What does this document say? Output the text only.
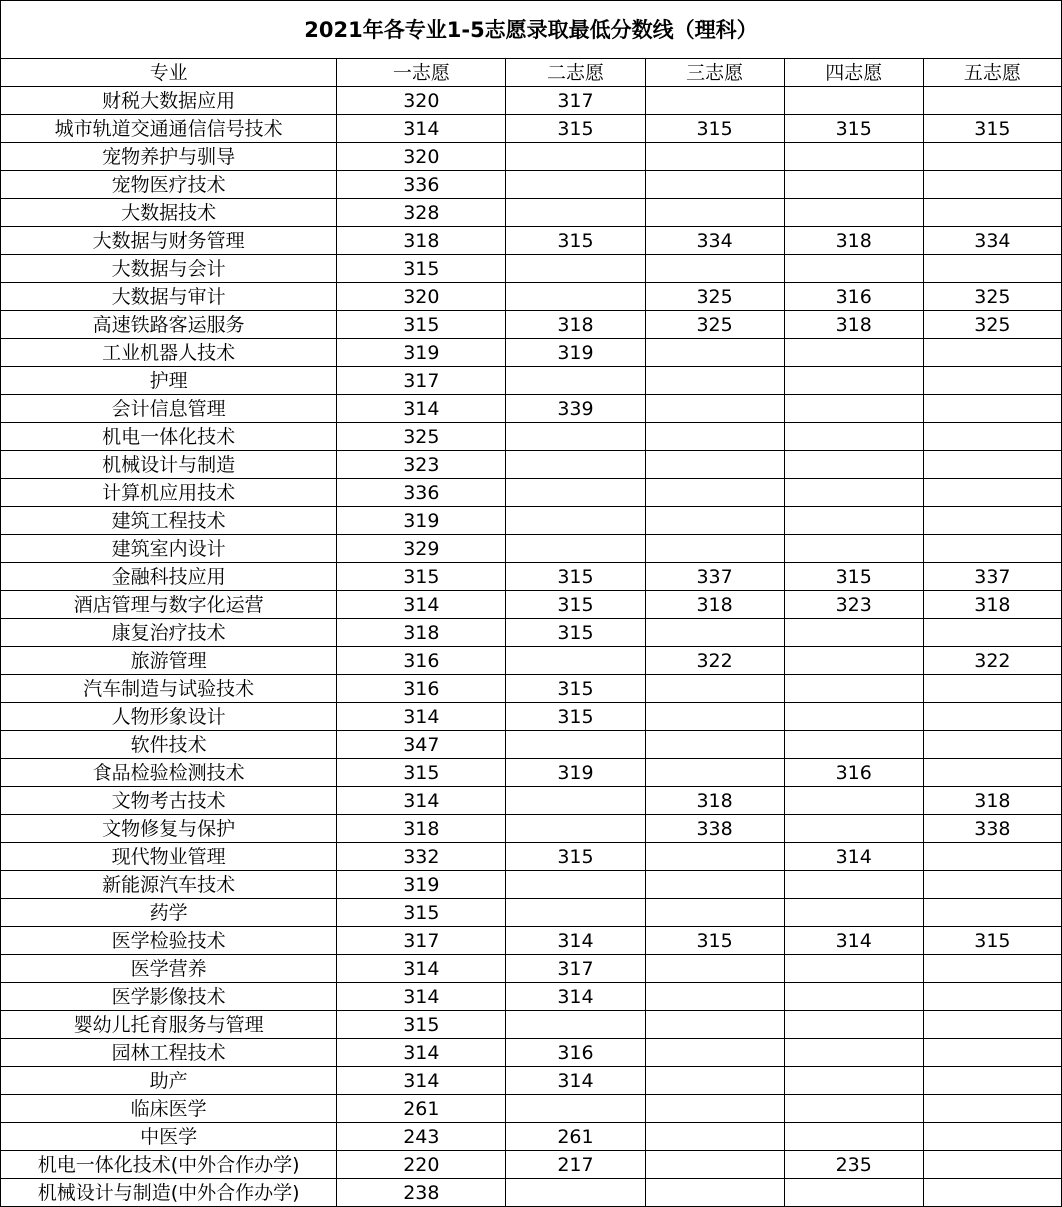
2021年各专业1-5志愿录取最低分数线（理科）					
专业	一志愿	二志愿	三志愿	四志愿	五志愿
财税大数据应用	320	317			
城市轨道交通通信信号技术	314	315	315	315	315
宠物养护与驯导	320				
宠物医疗技术	336				
大数据技术	328				
大数据与财务管理	318	315	334	318	334
大数据与会计	315				
大数据与审计	320		325	316	325
高速铁路客运服务	315	318	325	318	325
工业机器人技术	319	319			
护理	317				
会计信息管理	314	339			
机电一体化技术	325				
机械设计与制造	323				
计算机应用技术	336				
建筑工程技术	319				
建筑室内设计	329				
金融科技应用	315	315	337	315	337
酒店管理与数字化运营	314	315	318	323	318
康复治疗技术	318	315			
旅游管理	316		322		322
汽车制造与试验技术	316	315			
人物形象设计	314	315			
软件技术	347				
食品检验检测技术	315	319		316	
文物考古技术	314		318		318
文物修复与保护	318		338		338
现代物业管理	332	315		314	
新能源汽车技术	319				
药学	315				
医学检验技术	317	314	315	314	315
医学营养	314	317			
医学影像技术	314	314			
婴幼儿托育服务与管理	315				
园林工程技术	314	316			
助产	314	314			
临床医学	261				
中医学	243	261			
机电一体化技术(中外合作办学)	220	217		235	
机械设计与制造(中外合作办学)	238				
